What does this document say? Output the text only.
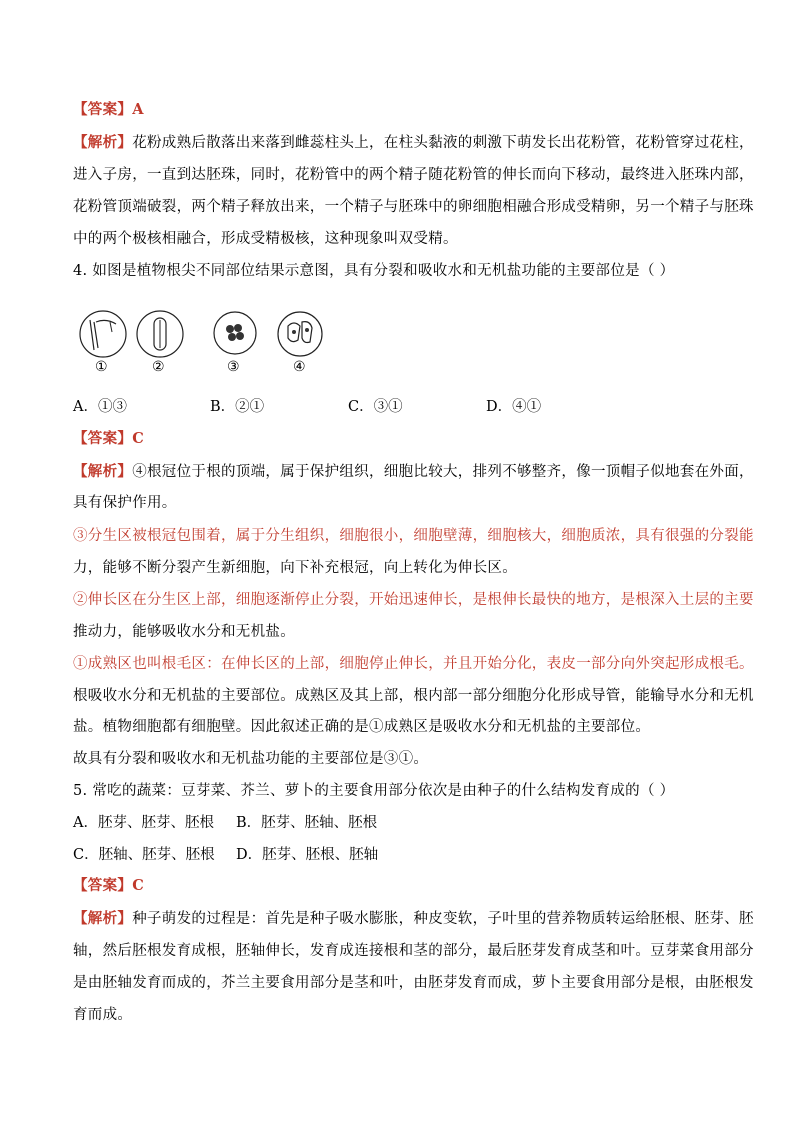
【答案】A
【解析】花粉成熟后散落出来落到雌蕊柱头上，在柱头黏液的刺激下萌发长出花粉管，花粉管穿过花柱，
进入子房，一直到达胚珠，同时，花粉管中的两个精子随花粉管的伸长而向下移动，最终进入胚珠内部，
花粉管顶端破裂，两个精子释放出来，一个精子与胚珠中的卵细胞相融合形成受精卵，另一个精子与胚珠
中的两个极核相融合，形成受精极核，这种现象叫双受精。
4. 如图是植物根尖不同部位结果示意图，具有分裂和吸收水和无机盐功能的主要部位是（ ）
①	②	③	④
A．①③	B．②①	C．③①	D．④①
【答案】C
【解析】④根冠位于根的顶端，属于保护组织，细胞比较大，排列不够整齐，像一顶帽子似地套在外面，
具有保护作用。
③分生区被根冠包围着，属于分生组织，细胞很小，细胞壁薄，细胞核大，细胞质浓，具有很强的分裂能
力，能够不断分裂产生新细胞，向下补充根冠，向上转化为伸长区。
②伸长区在分生区上部，细胞逐渐停止分裂，开始迅速伸长，是根伸长最快的地方，是根深入土层的主要
推动力，能够吸收水分和无机盐。
①成熟区也叫根毛区：在伸长区的上部，细胞停止伸长，并且开始分化，表皮一部分向外突起形成根毛。
根吸收水分和无机盐的主要部位。成熟区及其上部，根内部一部分细胞分化形成导管，能输导水分和无机
盐。植物细胞都有细胞壁。因此叙述正确的是①成熟区是吸收水分和无机盐的主要部位。
故具有分裂和吸收水和无机盐功能的主要部位是③①。
5. 常吃的蔬菜：豆芽菜、芥兰、萝卜的主要食用部分依次是由种子的什么结构发育成的（ ）
A．胚芽、胚芽、胚根 B．胚芽、胚轴、胚根
C．胚轴、胚芽、胚根 D．胚芽、胚根、胚轴
【答案】C
【解析】种子萌发的过程是：首先是种子吸水膨胀，种皮变软，子叶里的营养物质转运给胚根、胚芽、胚
轴，然后胚根发育成根，胚轴伸长，发育成连接根和茎的部分，最后胚芽发育成茎和叶。豆芽菜食用部分
是由胚轴发育而成的，芥兰主要食用部分是茎和叶，由胚芽发育而成，萝卜主要食用部分是根，由胚根发
育而成。
